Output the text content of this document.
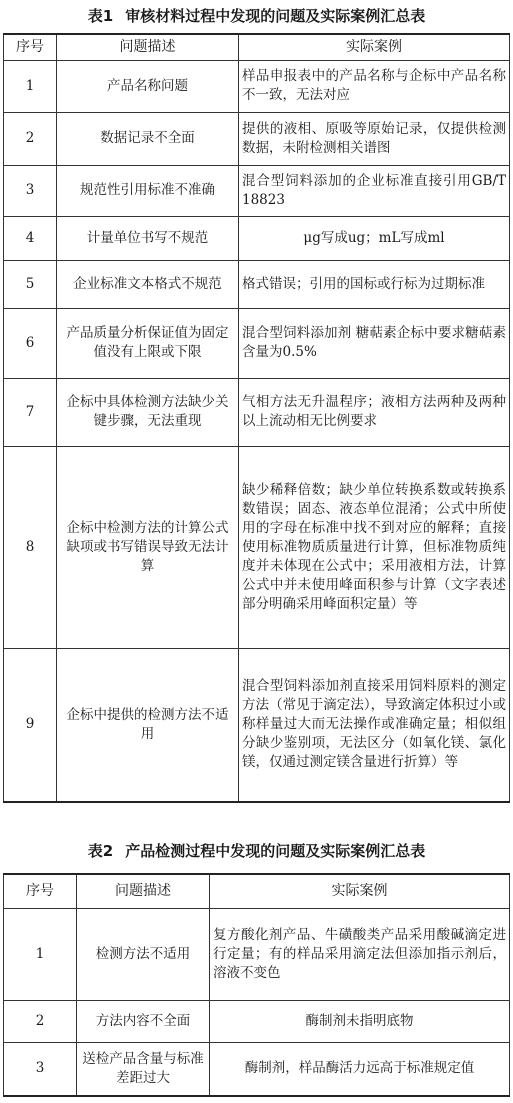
表1 审核材料过程中发现的问题及实际案例汇总表
序号	问题描述	实际案例
1	产品名称问题	样品申报表中的产品名称与企标中产品名称不一致，无法对应
2	数据记录不全面	提供的液相、原吸等原始记录，仅提供检测数据，未附检测相关谱图
3	规范性引用标准不准确	混合型饲料添加的企业标准直接引用GB/T 18823
4	计量单位书写不规范	μg写成ug；mL写成ml
5	企业标准文本格式不规范	格式错误；引用的国标或行标为过期标准
6	产品质量分析保证值为固定值没有上限或下限	混合型饲料添加剂 糖萜素企标中要求糖萜素含量为0.5%
7	企标中具体检测方法缺少关键步骤，无法重现	气相方法无升温程序；液相方法两种及两种以上流动相无比例要求
8	企标中检测方法的计算公式缺项或书写错误导致无法计算	缺少稀释倍数；缺少单位转换系数或转换系数错误；固态、液态单位混淆；公式中所使用的字母在标准中找不到对应的解释；直接使用标准物质质量进行计算，但标准物质纯度并未体现在公式中；采用液相方法，计算公式中并未使用峰面积参与计算（文字表述部分明确采用峰面积定量）等
9	企标中提供的检测方法不适用	混合型饲料添加剂直接采用饲料原料的测定方法（常见于滴定法），导致滴定体积过小或称样量过大而无法操作或准确定量；相似组分缺少鉴别项，无法区分（如氧化镁、氯化镁，仅通过测定镁含量进行折算）等
表2 产品检测过程中发现的问题及实际案例汇总表
序号	问题描述	实际案例
1	检测方法不适用	复方酸化剂产品、牛磺酸类产品采用酸碱滴定进行定量；有的样品采用滴定法但添加指示剂后，溶液不变色
2	方法内容不全面	酶制剂未指明底物
3	送检产品含量与标准差距过大	酶制剂，样品酶活力远高于标准规定值
